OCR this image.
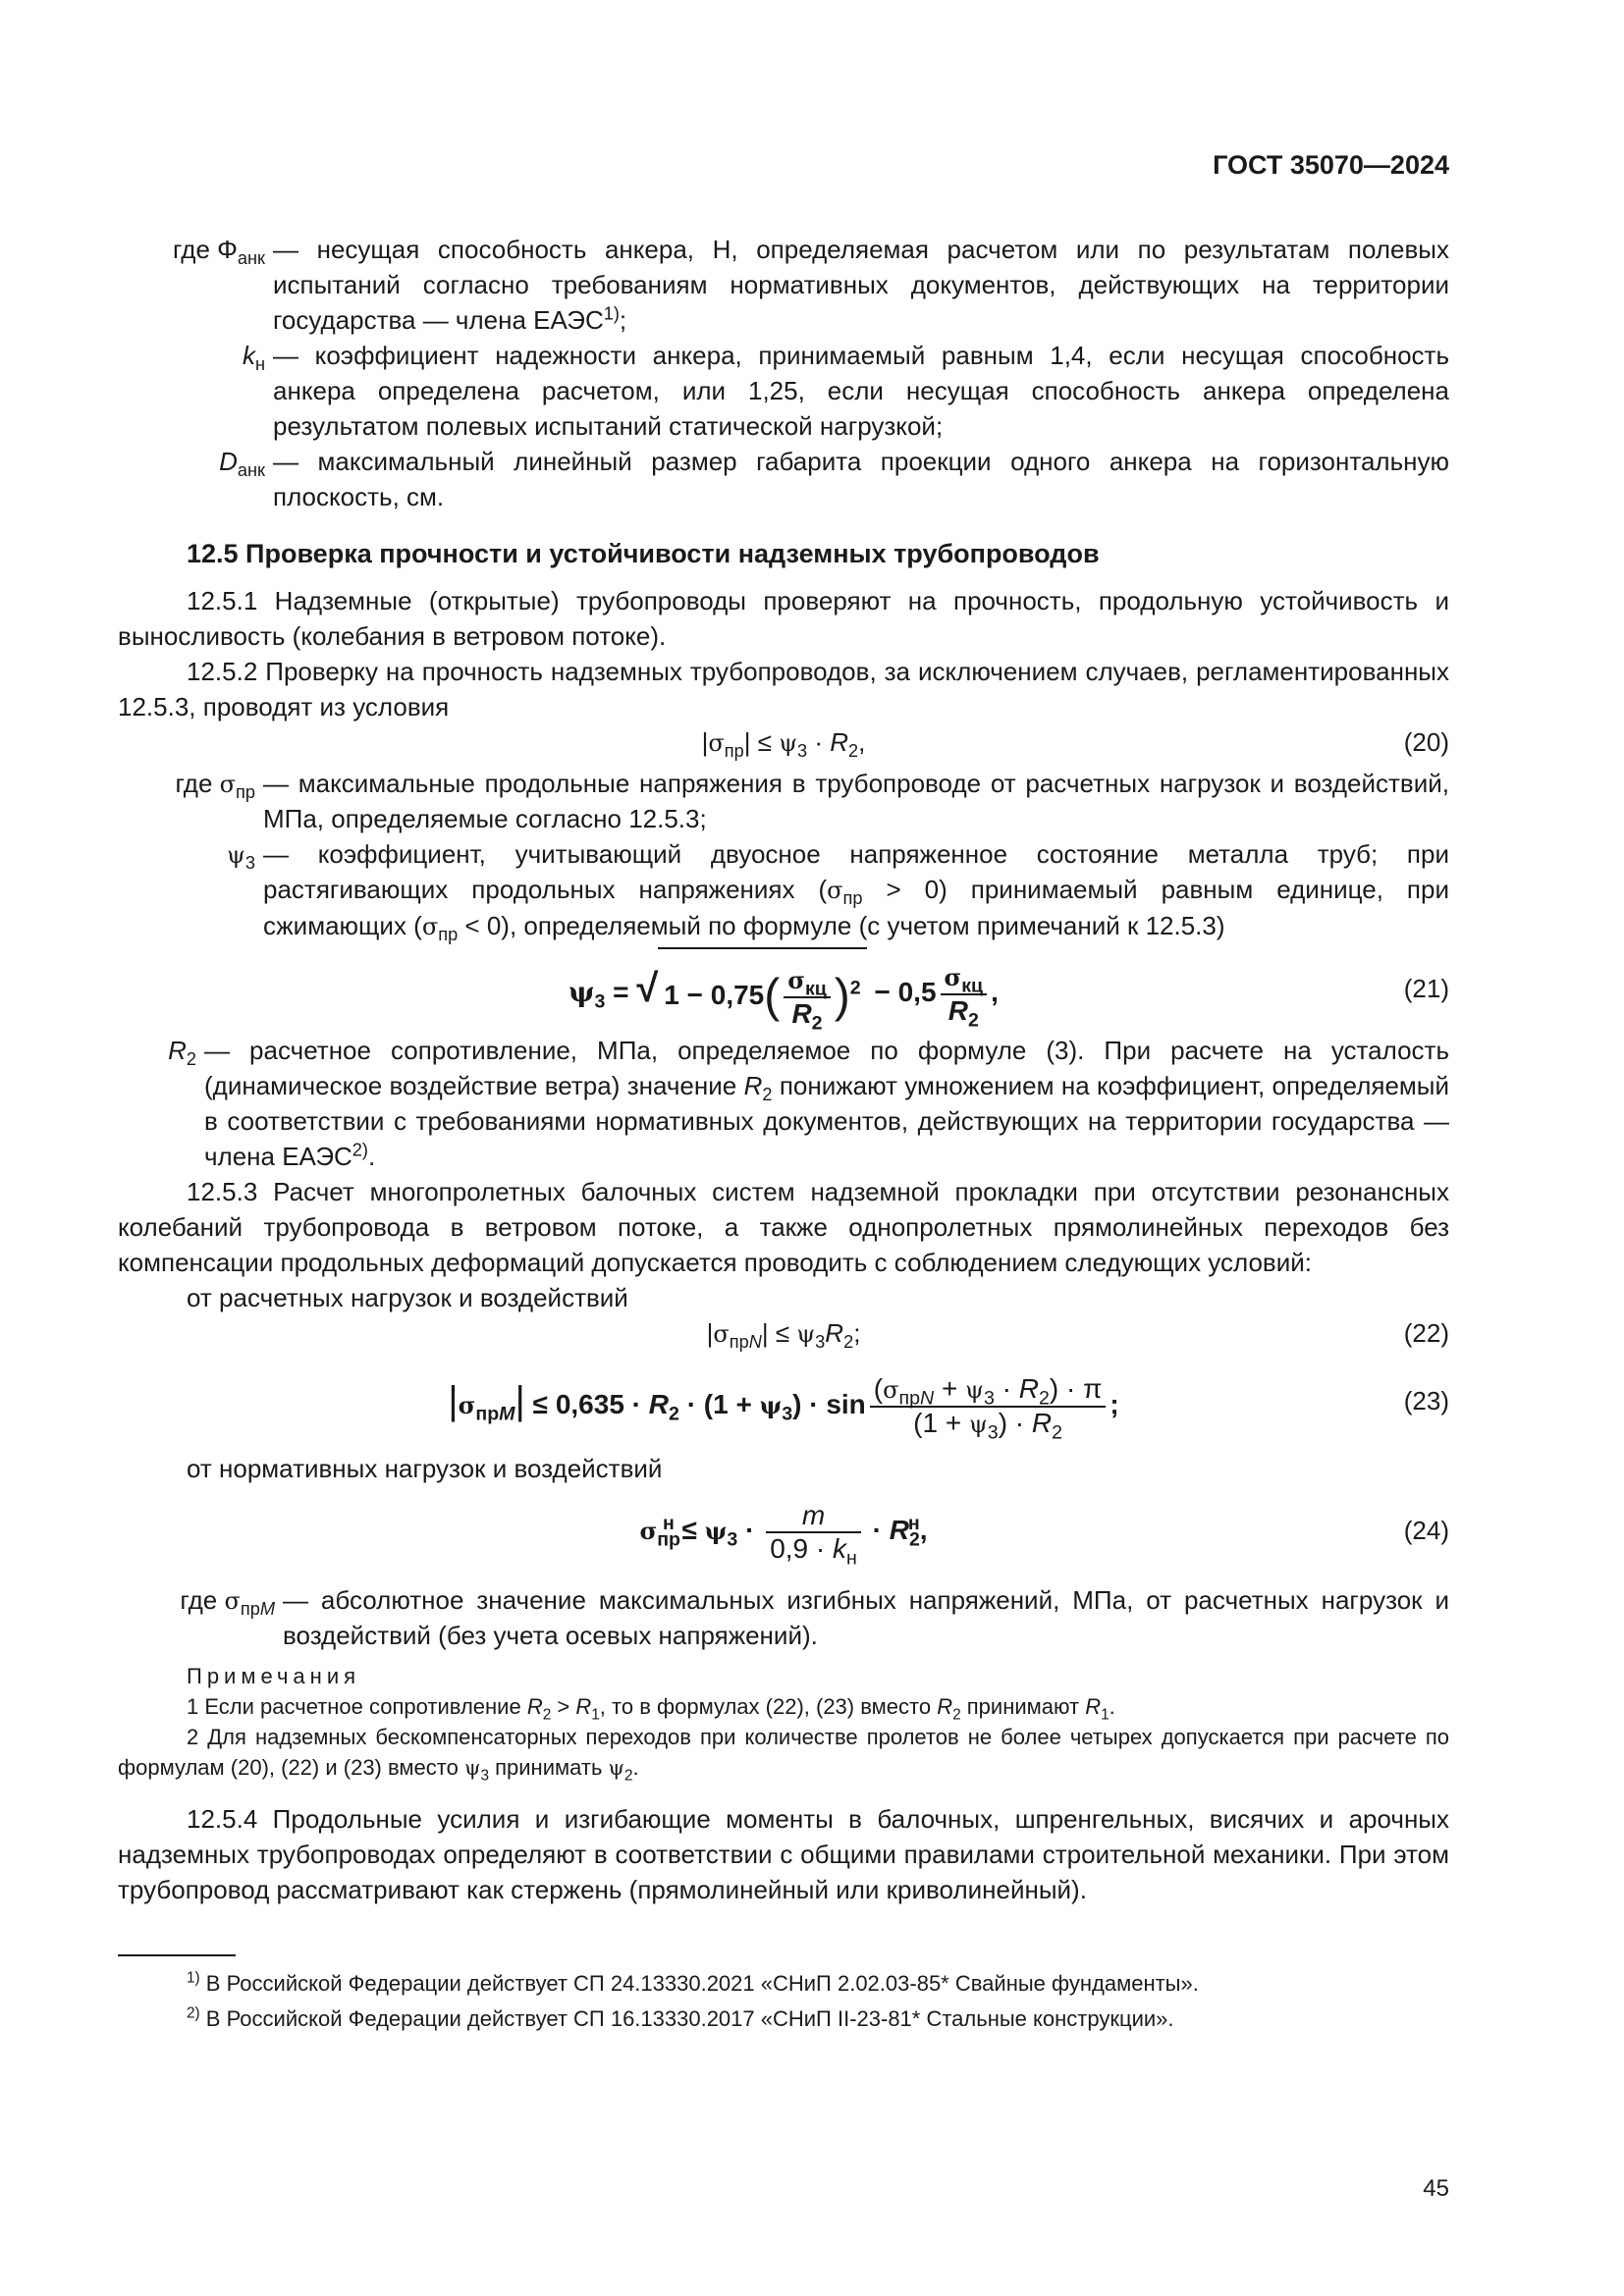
ГОСТ 35070—2024
где $\Phi_{анк}$ — несущая способность анкера, Н, определяемая расчетом или по результатам полевых испытаний согласно требованиям нормативных документов, действующих на территории государства — члена ЕАЭС$^{1)}$;
$k_н$ — коэффициент надежности анкера, принимаемый равным 1,4, если несущая способность анкера определена расчетом, или 1,25, если несущая способность анкера определена результатом полевых испытаний статической нагрузкой;
$D_{анк}$ — максимальный линейный размер габарита проекции одного анкера на горизонтальную плоскость, см.
12.5 Проверка прочности и устойчивости надземных трубопроводов

12.5.1 Надземные (открытые) трубопроводы проверяют на прочность, продольную устойчивость и выносливость (колебания в ветровом потоке).

12.5.2 Проверку на прочность надземных трубопроводов, за исключением случаев, регламентированных 12.5.3, проводят из условия

$|\sigma_{пр}| \le \psi_3 \cdot R_2$,	(20)
где $\sigma_{пр}$ — максимальные продольные напряжения в трубопроводе от расчетных нагрузок и воздействий, МПа, определяемые согласно 12.5.3;
$\psi_3$ — коэффициент, учитывающий двуосное напряженное состояние металла труб; при растягивающих продольных напряжениях $(\sigma_{пр} > 0)$ принимаемый равным единице, при сжимающих $(\sigma_{пр} < 0)$, определяемый по формуле (с учетом примечаний к 12.5.3)
$\psi_3$ = √ $1 - 0,75( \frac{\sigma_{кц}}{R_2} )^2 - 0,5 \frac{\sigma_{кц}}{R_2}$ ,	(21)
$R_2$ — расчетное сопротивление, МПа, определяемое по формуле (3). При расчете на усталость (динамическое воздействие ветра) значение $R_2$ понижают умножением на коэффициент, определяемый в соответствии с требованиями нормативных документов, действующих на территории государства — члена ЕАЭС$^{2)}$.

12.5.3 Расчет многопролетных балочных систем надземной прокладки при отсутствии резонансных колебаний трубопровода в ветровом потоке, а также однопролетных прямолинейных переходов без компенсации продольных деформаций допускается проводить с соблюдением следующих условий:

от расчетных нагрузок и воздействий

$|\sigma_{прN}| \le \psi_3R_2$;	(22)
$|\sigma_{прM}| \le 0,635 \cdot R_2 \cdot (1 + \psi_3) \cdot \sin \frac{(\sigma_{прN} + \psi_3 \cdot R_2) \cdot \pi}{(1 + \psi_3) \cdot R_2}$ ;	(23)

от нормативных нагрузок и воздействий

$\sigma_{пр}^н \le \psi_3 \cdot \frac{m}{0,9 \cdot k_н} \cdot R_2^н$,	(24)
где $\sigma_{прM}$ — абсолютное значение максимальных изгибных напряжений, МПа, от расчетных нагрузок и воздействий (без учета осевых напряжений).
Примечания

1 Если расчетное сопротивление $R_2 > R_1$, то в формулах (22), (23) вместо $R_2$ принимают $R_1$.

2 Для надземных бескомпенсаторных переходов при количестве пролетов не более четырех допускается при расчете по формулам (20), (22) и (23) вместо $\psi_3$ принимать $\psi_2$.

12.5.4 Продольные усилия и изгибающие моменты в балочных, шпренгельных, висячих и арочных надземных трубопроводах определяют в соответствии с общими правилами строительной механики. При этом трубопровод рассматривают как стержень (прямолинейный или криволинейный).

$^{1)}$ В Российской Федерации действует СП 24.13330.2021 «СНиП 2.02.03-85* Свайные фундаменты».
$^{2)}$ В Российской Федерации действует СП 16.13330.2017 «СНиП II-23-81* Стальные конструкции».
45
